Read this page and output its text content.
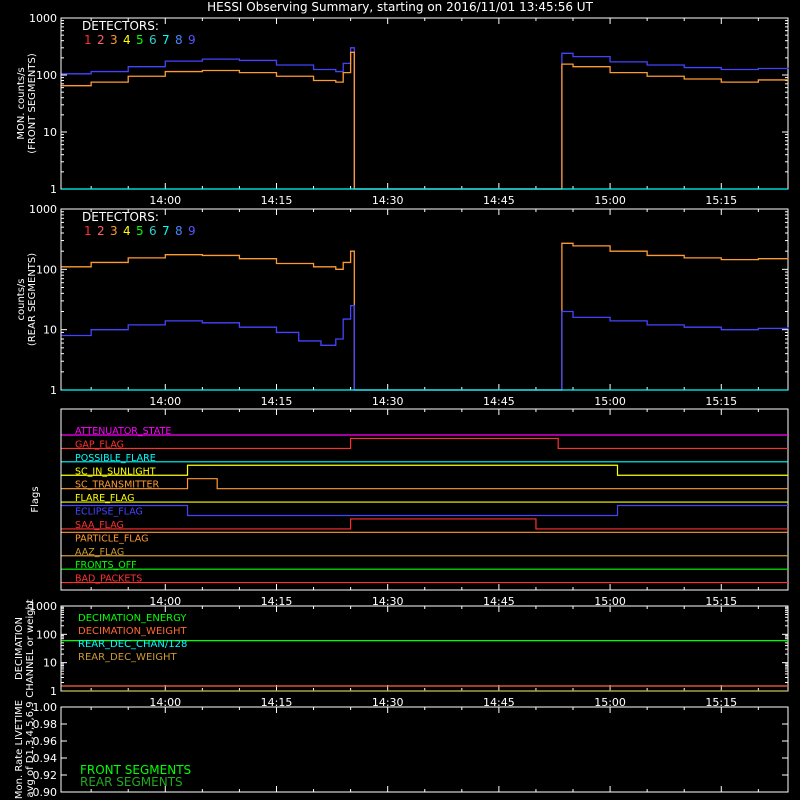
HESSI Observing Summary, starting on 2016/11/01 13:45:56 UT
1
10
100
1000
14:00	14:15	14:30	14:45	15:00	15:15
MON. counts/s (FRONT SEGMENTS)
DETECTORS:
1 2 3 4 5 6 7 8 9
1
10
100
1000
14:00	14:15	14:30	14:45	15:00	15:15
counts/s (REAR SEGMENTS)
DETECTORS:
1 2 3 4 5 6 7 8 9
14:00	14:15	14:30	14:45	15:00	15:15
Flags
ATTENUATOR_STATE
GAP_FLAG
POSSIBLE_FLARE
SC_IN_SUNLIGHT
SC_TRANSMITTER
FLARE_FLAG
ECLIPSE_FLAG
SAA_FLAG
PARTICLE_FLAG
AAZ_FLAG
FRONTS_OFF
BAD_PACKETS
1
10
100
1000
14:00	14:15	14:30	14:45	15:00	15:15
DECIMATION CHANNEL or weight	DECIMATION_ENERGY
DECIMATION_WEIGHT
REAR_DEC_CHAN/128
REAR_DEC_WEIGHT
0.90
0.92
0.94
0.96
0.98
1.00
Mon. Rate LIVETIME avg of D1,3,4,5,6,9	FRONT SEGMENTS
REAR SEGMENTS
